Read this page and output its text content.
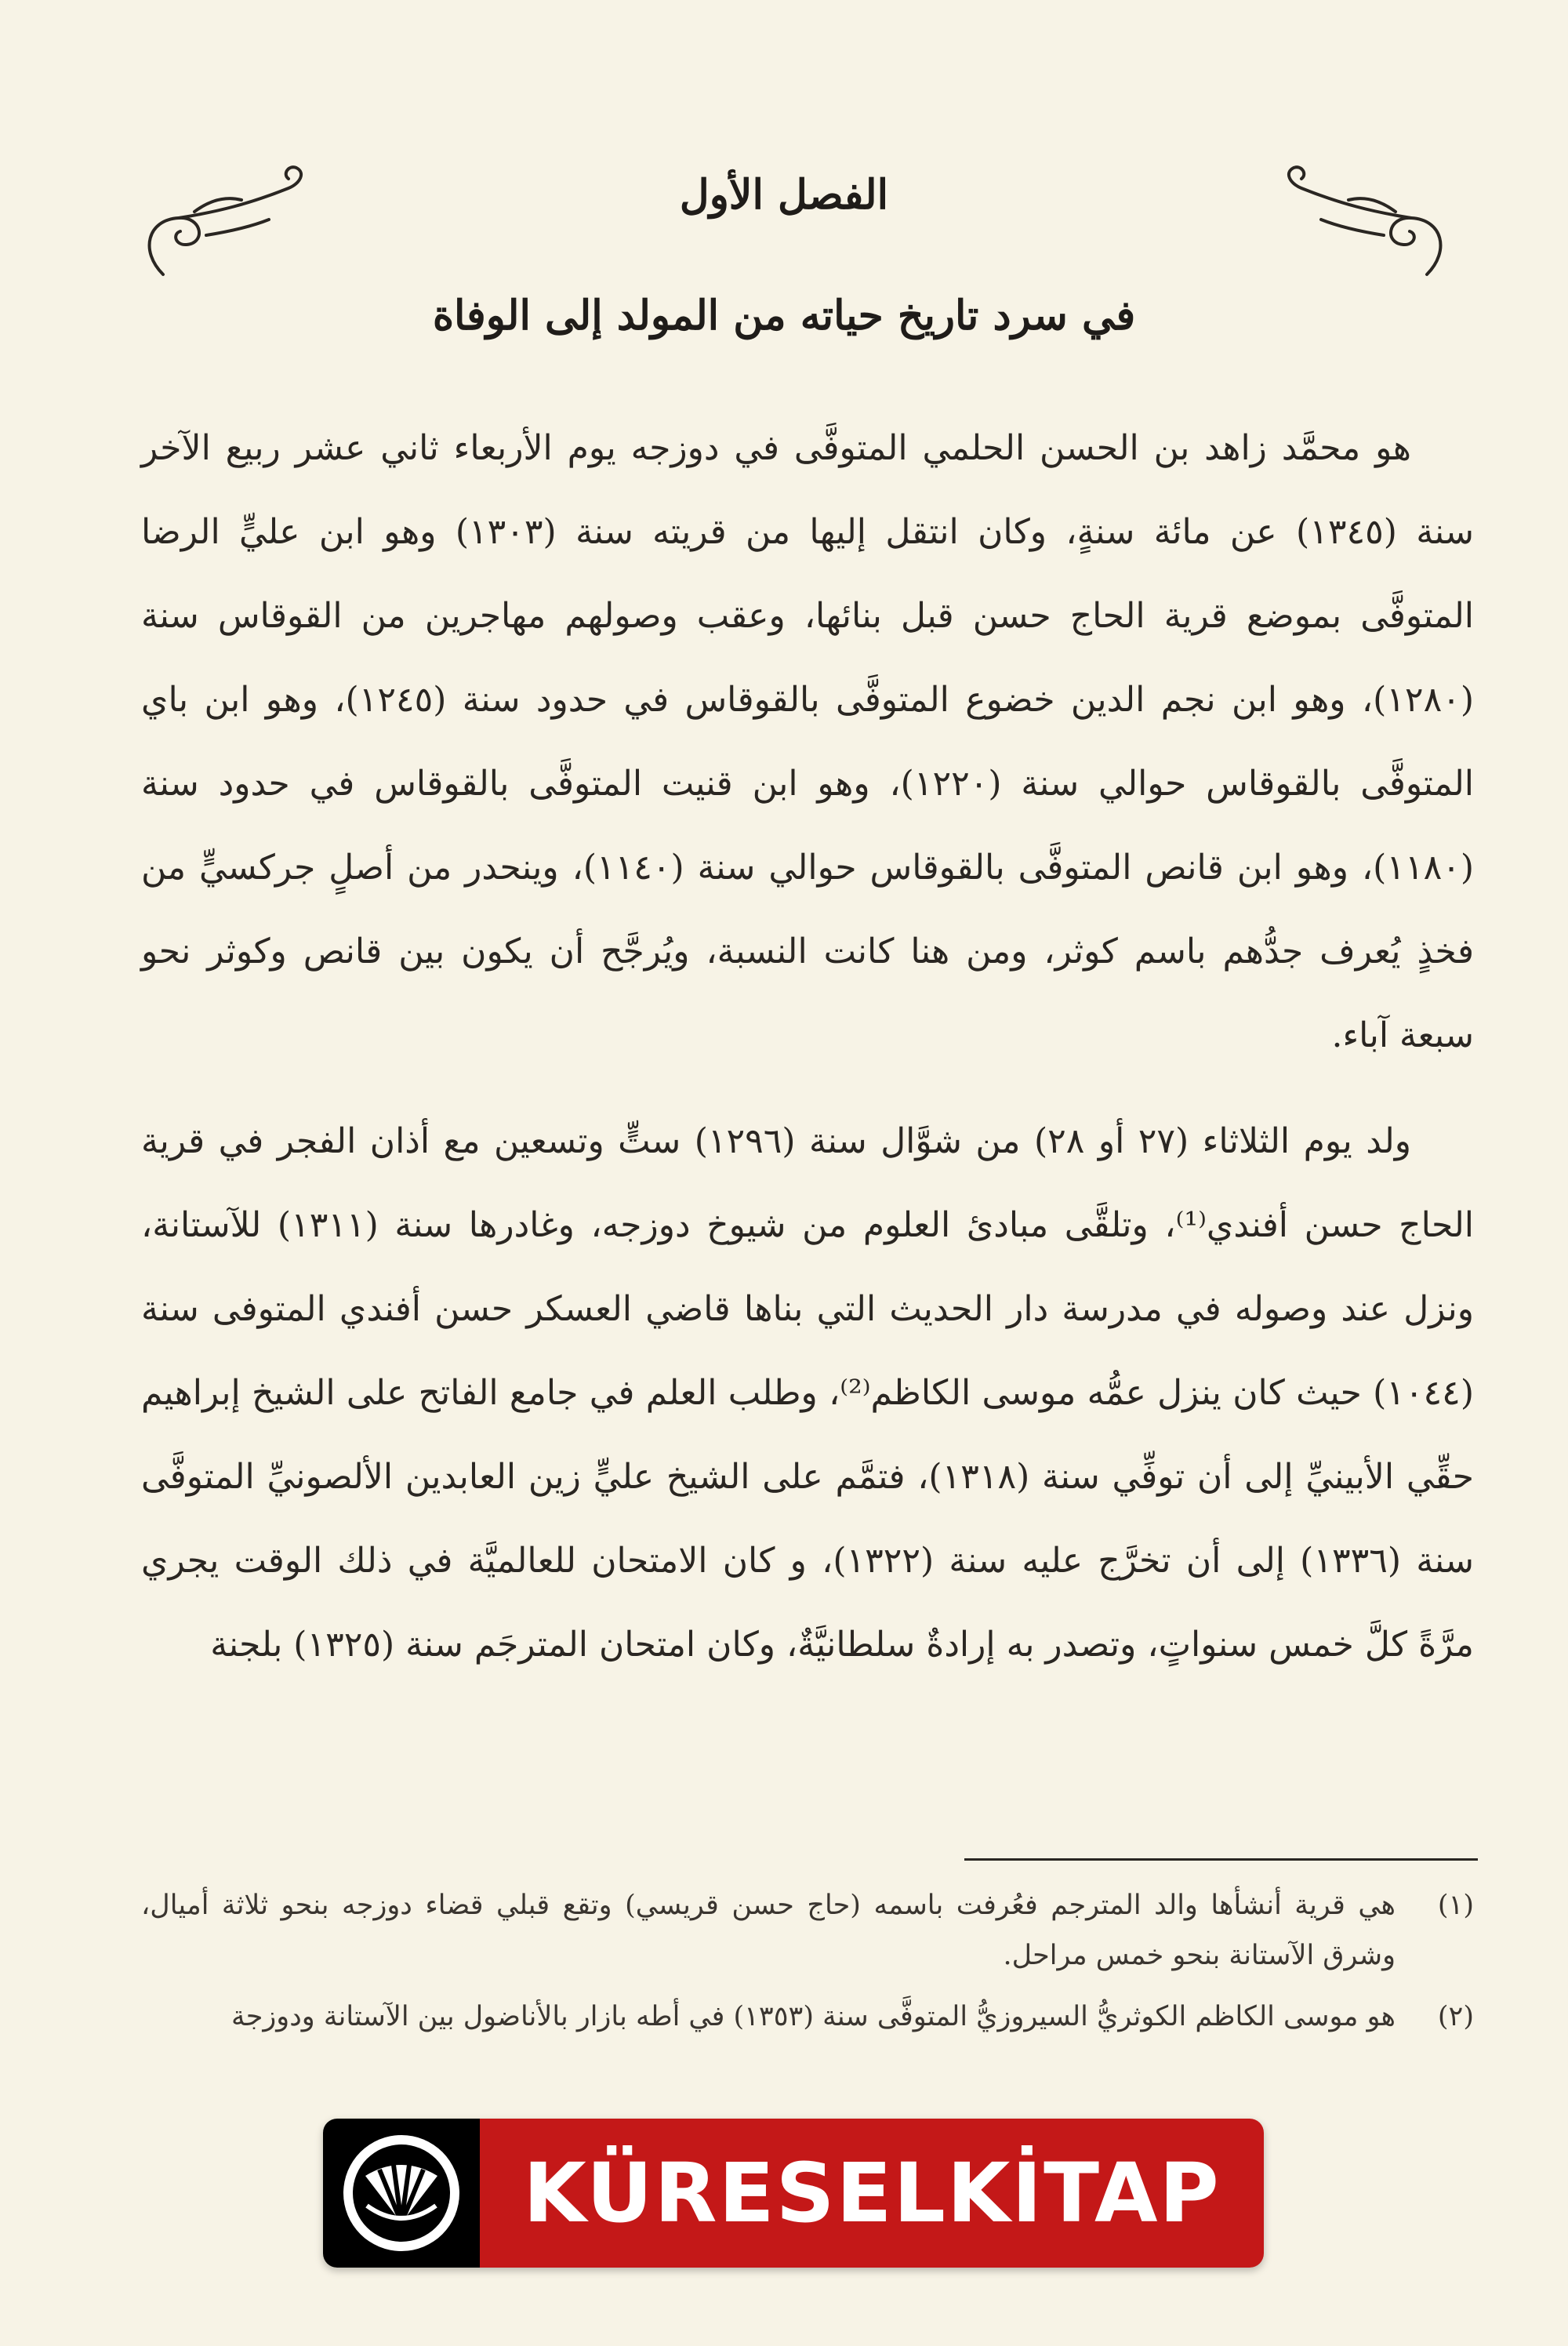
الفصل الأول
في سرد تاريخ حياته من المولد إلى الوفاة

هو محمَّد زاهد بن الحسن الحلمي المتوفَّى في دوزجه يوم الأربعاء ثاني عشر ربيع الآخر سنة (١٣٤٥) عن مائة سنةٍ، وكان انتقل إليها من قريته سنة (١٣٠٣) وهو ابن عليٍّ الرضا المتوفَّى بموضع قرية الحاج حسن قبل بنائها، وعقب وصولهم مهاجرين من القوقاس سنة (١٢٨٠)، وهو ابن نجم الدين خضوع المتوفَّى بالقوقاس في حدود سنة (١٢٤٥)، وهو ابن باي المتوفَّى بالقوقاس حوالي سنة (١٢٢٠)، وهو ابن قنيت المتوفَّى بالقوقاس في حدود سنة (١١٨٠)، وهو ابن قانص المتوفَّى بالقوقاس حوالي سنة (١١٤٠)، وينحدر من أصلٍ جركسيٍّ من فخذٍ يُعرف جدُّهم باسم كوثر، ومن هنا كانت النسبة، ويُرجَّح أن يكون بين قانص وكوثر نحو سبعة آباء.

ولد يوم الثلاثاء (٢٧ أو ٢٨) من شوَّال سنة (١٢٩٦) ستٍّ وتسعين مع أذان الفجر في قرية الحاج حسن أفندي⁽¹⁾، وتلقَّى مبادئ العلوم من شيوخ دوزجه، وغادرها سنة (١٣١١) للآستانة، ونزل عند وصوله في مدرسة دار الحديث التي بناها قاضي العسكر حسن أفندي المتوفى سنة (١٠٤٤) حيث كان ينزل عمُّه موسى الكاظم⁽²⁾، وطلب العلم في جامع الفاتح على الشيخ إبراهيم حقِّي الأبينيِّ إلى أن توفِّي سنة (١٣١٨)، فتمَّم على الشيخ عليٍّ زين العابدين الألصونيِّ المتوفَّى سنة (١٣٣٦) إلى أن تخرَّج عليه سنة (١٣٢٢)، و كان الامتحان للعالميَّة في ذلك الوقت يجري مرَّةً كلَّ خمس سنواتٍ، وتصدر به إرادةٌ سلطانيَّةٌ، وكان امتحان المترجَم سنة (١٣٢٥) بلجنة

(١)
هي قرية أنشأها والد المترجم فعُرفت باسمه (حاج حسن قريسي) وتقع قبلي قضاء دوزجه بنحو ثلاثة أميال، وشرق الآستانة بنحو خمس مراحل.
(٢)
هو موسى الكاظم الكوثريُّ السيروزيُّ المتوفَّى سنة (١٣٥٣) في أطه بازار بالأناضول بين الآستانة ودوزجة
KÜRESELKİTAP
